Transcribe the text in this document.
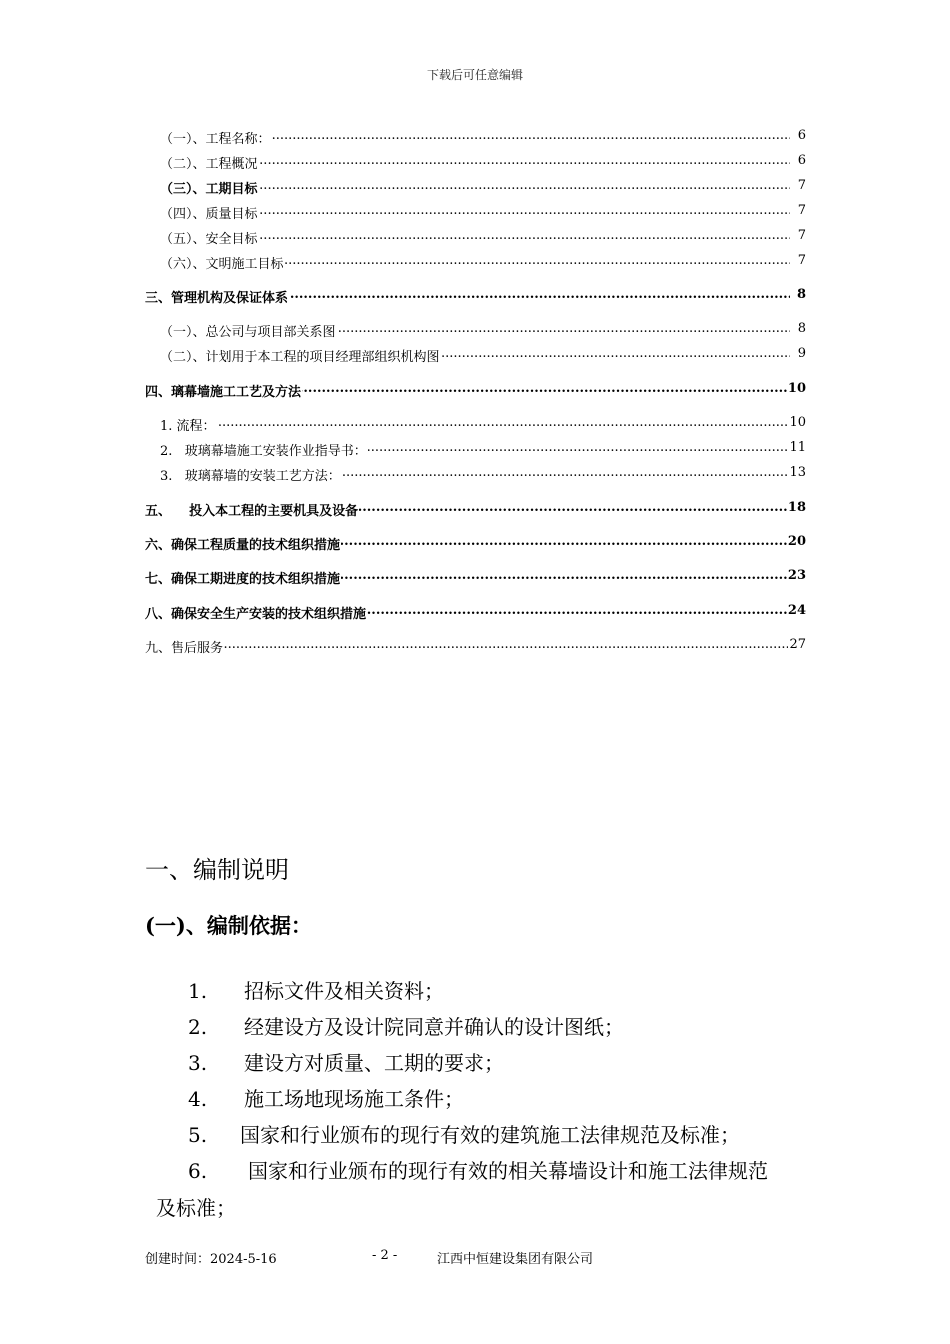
下载后可任意编辑
（一）、工程名称： .....	6
（二）、工程概况 .....	6
（三）、工期目标 .....	7
（四）、质量目标 .....	7
（五）、安全目标 .....	7
（六）、文明施工目标 .....	7
三、管理机构及保证体系 .....	8
（一）、总公司与项目部关系图 .....	8
（二）、计划用于本工程的项目经理部组织机构图 .....	9
四、璃幕墙施工工艺及方法 .....	10
1. 流程： .....	10
2.   玻璃幕墙施工安装作业指导书： .....	11
3.   玻璃幕墙的安装工艺方法： .....	13
五、    投入本工程的主要机具及设备 .....	18
六、确保工程质量的技术组织措施 .....	20
七、确保工期进度的技术组织措施 .....	23
八、确保安全生产安装的技术组织措施 .....	24
九、售后服务 .....	27
一、编制说明
(一)、编制依据：
1. 招标文件及相关资料；
2. 经建设方及设计院同意并确认的设计图纸；
3. 建设方对质量、工期的要求；
4. 施工场地现场施工条件；
5. 国家和行业颁布的现行有效的建筑施工法律规范及标准；
6. 国家和行业颁布的现行有效的相关幕墙设计和施工法律规范
及标准；
创建时间：2024-5-16	- 2 -	江西中恒建设集团有限公司
